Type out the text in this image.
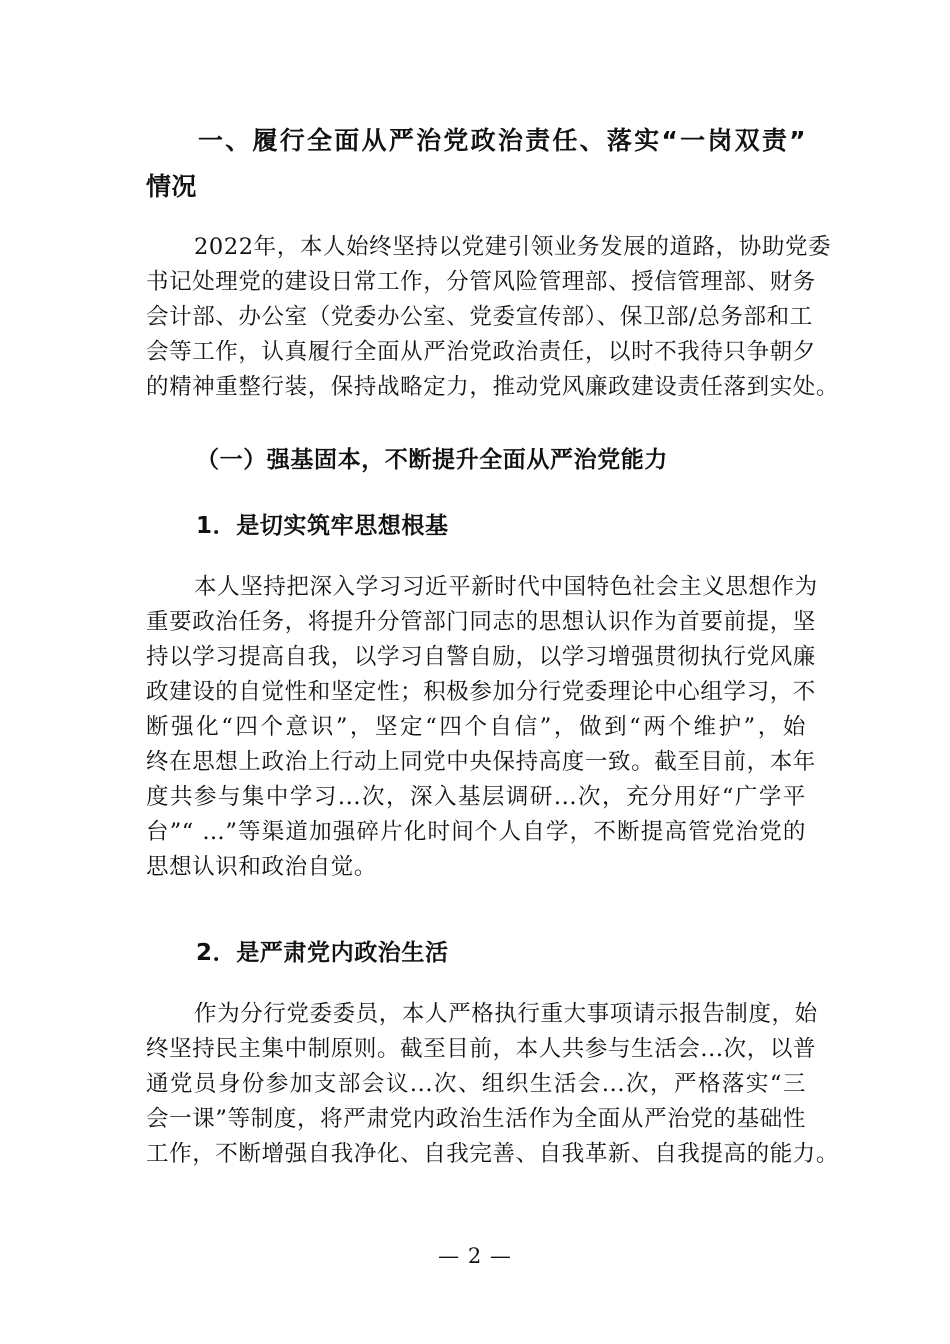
一、履行全面从严治党政治责任、落实“一岗双责”
情况
2022年，本人始终坚持以党建引领业务发展的道路，协助党委
书记处理党的建设日常工作，分管风险管理部、授信管理部、财务
会计部、办公室（党委办公室、党委宣传部）、保卫部/总务部和工
会等工作，认真履行全面从严治党政治责任，以时不我待只争朝夕
的精神重整行装，保持战略定力，推动党风廉政建设责任落到实处。
（一）强基固本，不断提升全面从严治党能力
1．是切实筑牢思想根基
本人坚持把深入学习习近平新时代中国特色社会主义思想作为
重要政治任务，将提升分管部门同志的思想认识作为首要前提，坚
持以学习提高自我，以学习自警自励，以学习增强贯彻执行党风廉
政建设的自觉性和坚定性；积极参加分行党委理论中心组学习，不
断强化“四个意识”，坚定“四个自信”，做到“两个维护”，始
终在思想上政治上行动上同党中央保持高度一致。截至目前，本年
度共参与集中学习...次，深入基层调研...次，充分用好“广学平
台”“ …”等渠道加强碎片化时间个人自学，不断提高管党治党的
思想认识和政治自觉。
2．是严肃党内政治生活
作为分行党委委员，本人严格执行重大事项请示报告制度，始
终坚持民主集中制原则。截至目前，本人共参与生活会...次，以普
通党员身份参加支部会议...次、组织生活会...次，严格落实“三
会一课”等制度，将严肃党内政治生活作为全面从严治党的基础性
工作，不断增强自我净化、自我完善、自我革新、自我提高的能力。
— 2 —
